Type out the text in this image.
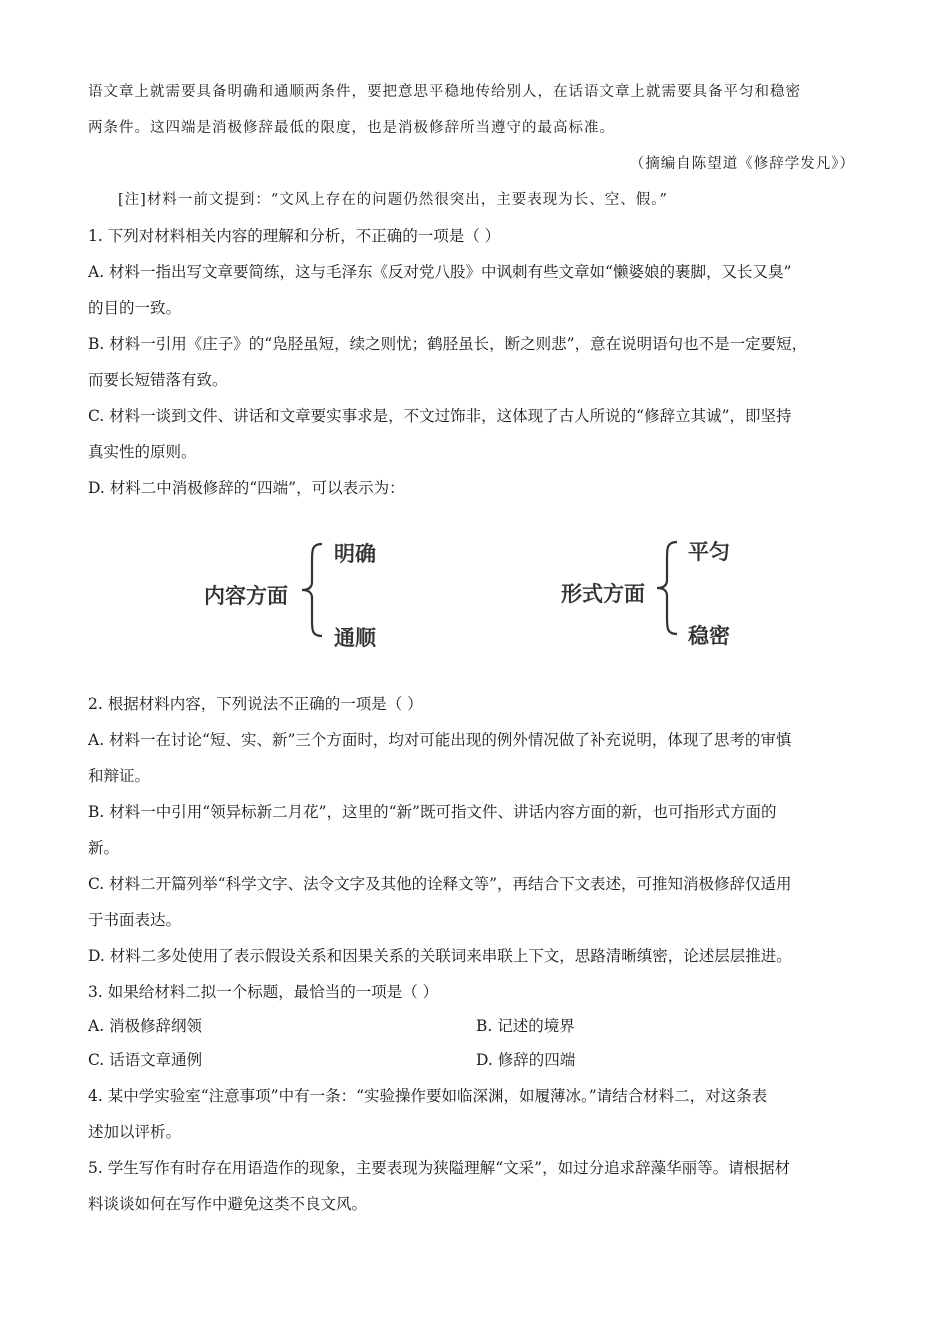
语文章上就需要具备明确和通顺两条件，要把意思平稳地传给别人，在话语文章上就需要具备平匀和稳密
两条件。这四端是消极修辞最低的限度，也是消极修辞所当遵守的最高标准。
（摘编自陈望道《修辞学发凡》）
[注]材料一前文提到：“文风上存在的问题仍然很突出，主要表现为长、空、假。”
1. 下列对材料相关内容的理解和分析，不正确的一项是（ ）
A. 材料一指出写文章要简练，这与毛泽东《反对党八股》中讽刺有些文章如“懒婆娘的裹脚，又长又臭”
的目的一致。
B. 材料一引用《庄子》的“凫胫虽短，续之则忧；鹤胫虽长，断之则悲”，意在说明语句也不是一定要短，
而要长短错落有致。
C. 材料一谈到文件、讲话和文章要实事求是，不文过饰非，这体现了古人所说的“修辞立其诚”，即坚持
真实性的原则。
D. 材料二中消极修辞的“四端”，可以表示为：
内容方面
明确
通顺
形式方面
平匀
稳密
2. 根据材料内容，下列说法不正确的一项是（ ）
A. 材料一在讨论“短、实、新”三个方面时，均对可能出现的例外情况做了补充说明，体现了思考的审慎
和辩证。
B. 材料一中引用“领异标新二月花”，这里的“新”既可指文件、讲话内容方面的新，也可指形式方面的
新。
C. 材料二开篇列举“科学文字、法令文字及其他的诠释文等”，再结合下文表述，可推知消极修辞仅适用
于书面表达。
D. 材料二多处使用了表示假设关系和因果关系的关联词来串联上下文，思路清晰缜密，论述层层推进。
3. 如果给材料二拟一个标题，最恰当的一项是（ ）
A. 消极修辞纲领	B. 记述的境界
C. 话语文章通例	D. 修辞的四端
4. 某中学实验室“注意事项”中有一条：“实验操作要如临深渊，如履薄冰。”请结合材料二，对这条表
述加以评析。
5. 学生写作有时存在用语造作的现象，主要表现为狭隘理解“文采”，如过分追求辞藻华丽等。请根据材
料谈谈如何在写作中避免这类不良文风。
